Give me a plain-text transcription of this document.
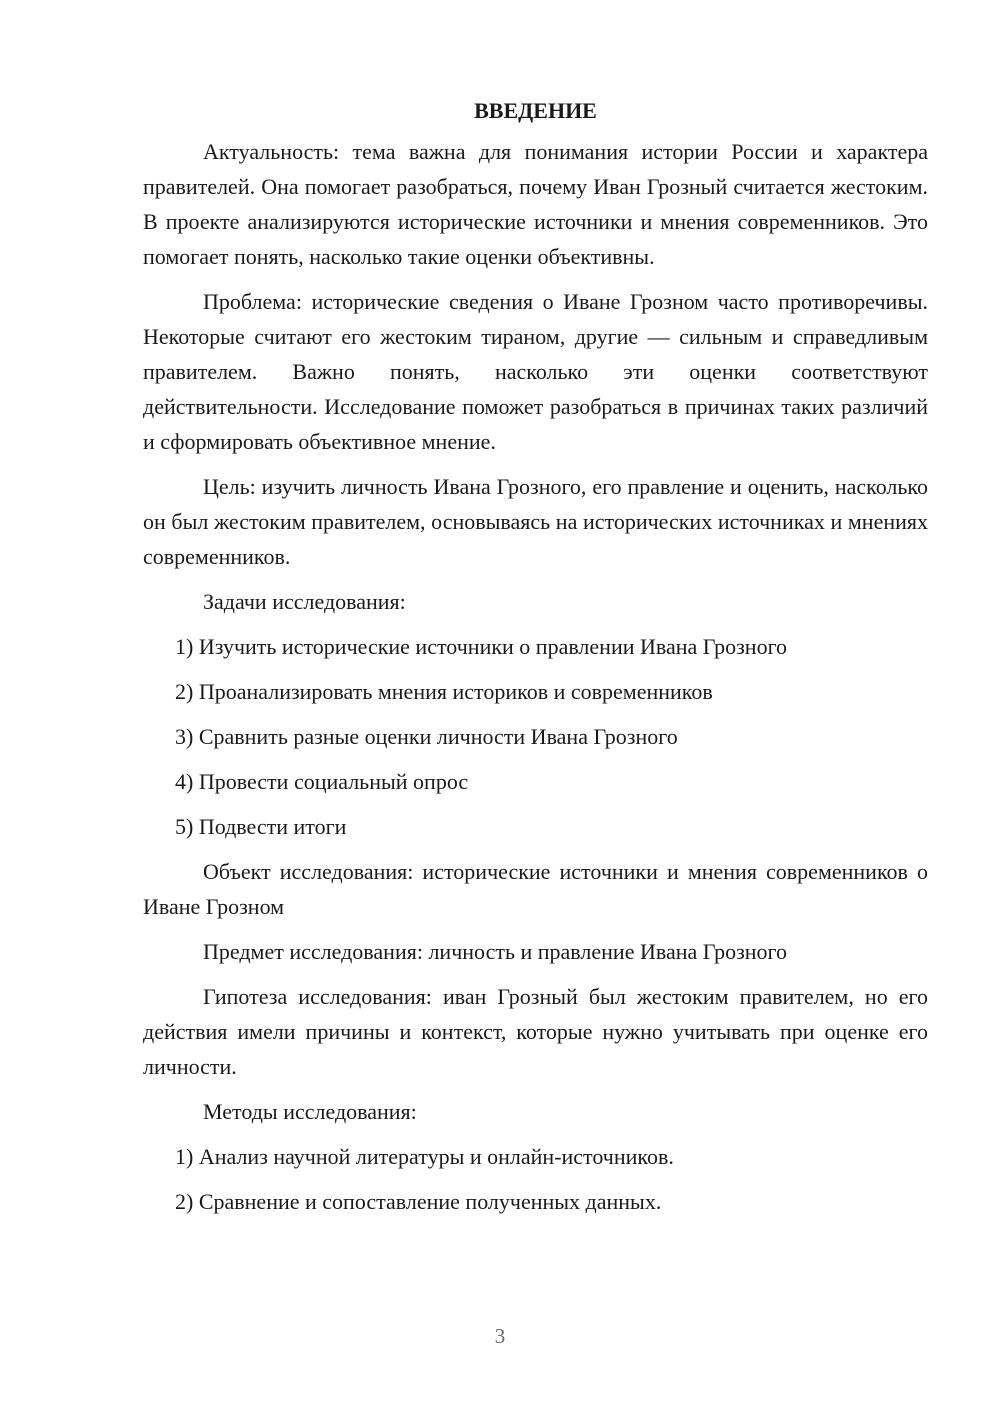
ВВЕДЕНИЕ

Актуальность: тема важна для понимания истории России и характера правителей. Она помогает разобраться, почему Иван Грозный считается жестоким. В проекте анализируются исторические источники и мнения современников. Это помогает понять, насколько такие оценки объективны.

Проблема: исторические сведения о Иване Грозном часто противоречивы. Некоторые считают его жестоким тираном, другие — сильным и справедливым правителем. Важно понять, насколько эти оценки соответствуют действительности. Исследование поможет разобраться в причинах таких различий и сформировать объективное мнение.

Цель: изучить личность Ивана Грозного, его правление и оценить, насколько он был жестоким правителем, основываясь на исторических источниках и мнениях современников.

Задачи исследования:

1) Изучить исторические источники о правлении Ивана Грозного

2) Проанализировать мнения историков и современников

3) Сравнить разные оценки личности Ивана Грозного

4) Провести социальный опрос

5) Подвести итоги

Объект исследования: исторические источники и мнения современников о Иване Грозном

Предмет исследования: личность и правление Ивана Грозного

Гипотеза исследования: иван Грозный был жестоким правителем, но его действия имели причины и контекст, которые нужно учитывать при оценке его личности.

Методы исследования:

1) Анализ научной литературы и онлайн-источников.

2) Сравнение и сопоставление полученных данных.

3
